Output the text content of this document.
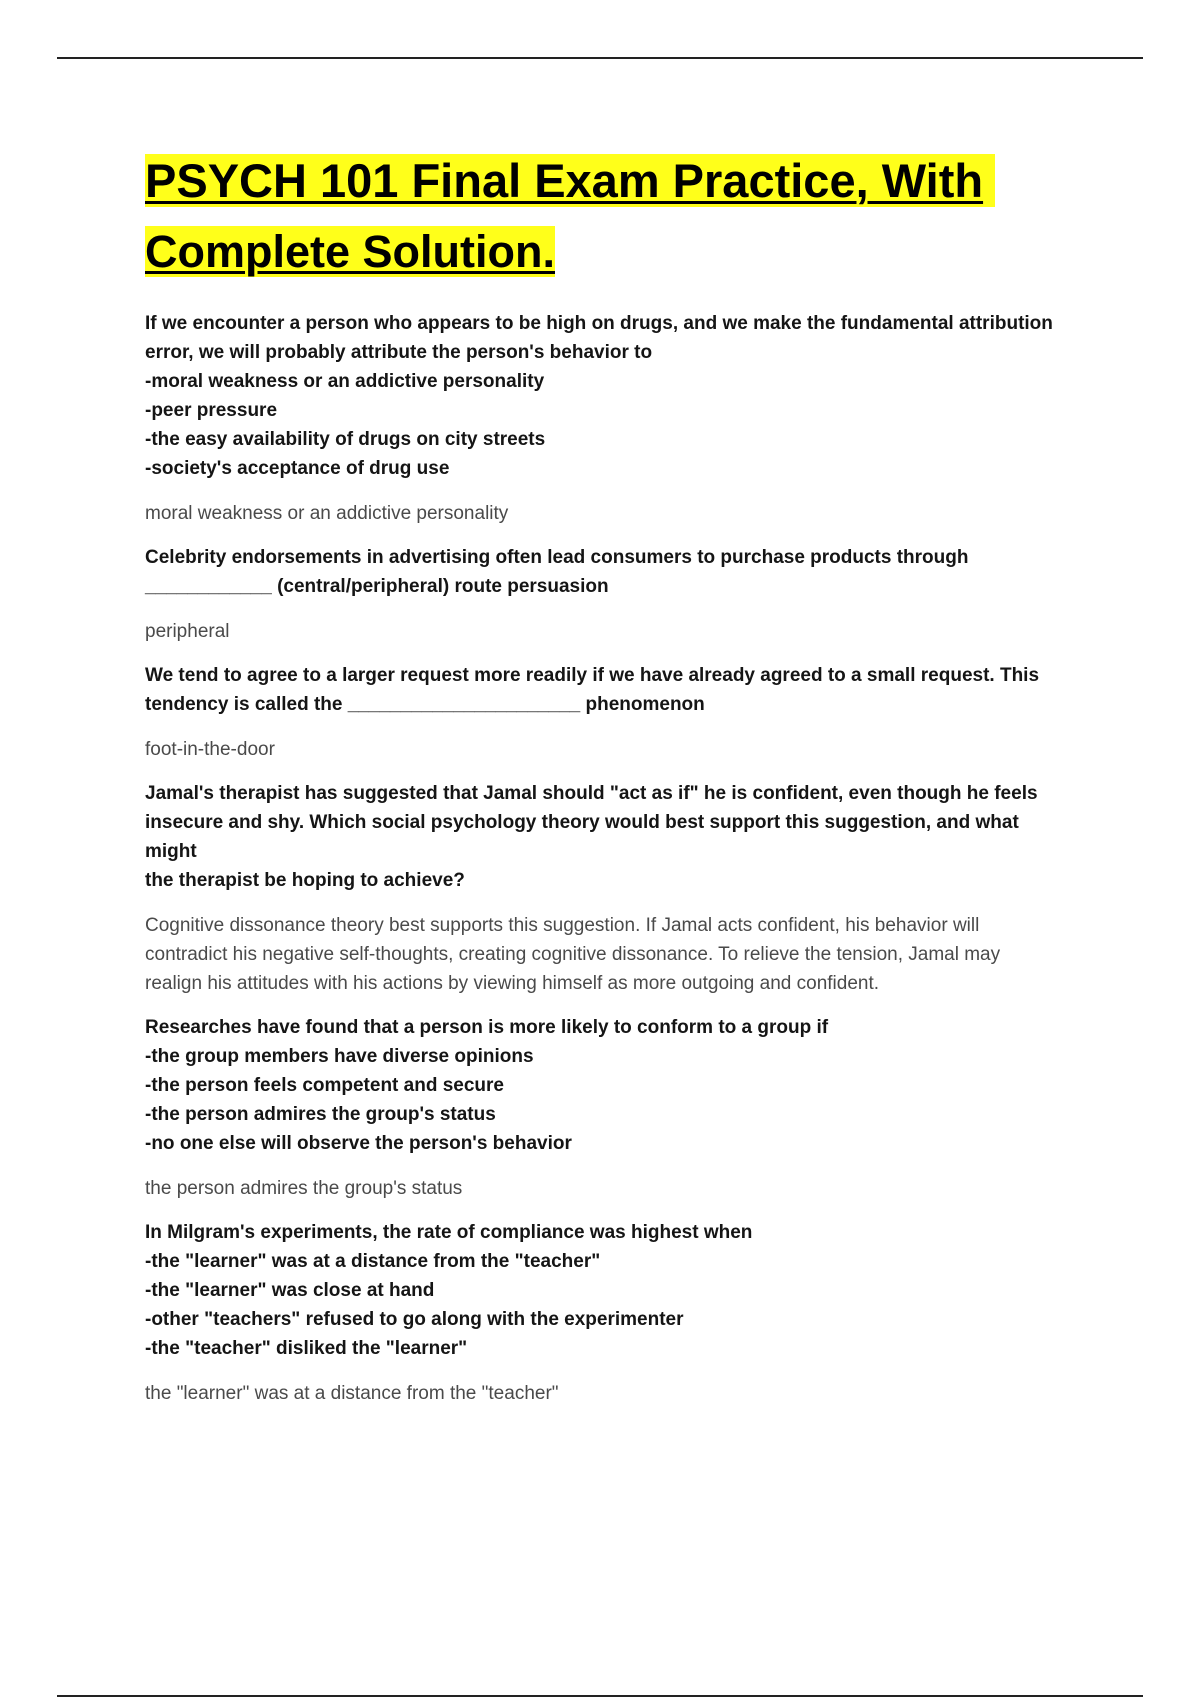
PSYCH 101 Final Exam Practice, With
Complete Solution.
If we encounter a person who appears to be high on drugs, and we make the fundamental attribution
error, we will probably attribute the person's behavior to
-moral weakness or an addictive personality
-peer pressure
-the easy availability of drugs on city streets
-society's acceptance of drug use
moral weakness or an addictive personality
Celebrity endorsements in advertising often lead consumers to purchase products through
____________ (central/peripheral) route persuasion
peripheral
We tend to agree to a larger request more readily if we have already agreed to a small request. This
tendency is called the ______________________ phenomenon
foot-in-the-door
Jamal's therapist has suggested that Jamal should "act as if" he is confident, even though he feels
insecure and shy. Which social psychology theory would best support this suggestion, and what might
the therapist be hoping to achieve?
Cognitive dissonance theory best supports this suggestion. If Jamal acts confident, his behavior will
contradict his negative self-thoughts, creating cognitive dissonance. To relieve the tension, Jamal may
realign his attitudes with his actions by viewing himself as more outgoing and confident.
Researches have found that a person is more likely to conform to a group if
-the group members have diverse opinions
-the person feels competent and secure
-the person admires the group's status
-no one else will observe the person's behavior
the person admires the group's status
In Milgram's experiments, the rate of compliance was highest when
-the "learner" was at a distance from the "teacher"
-the "learner" was close at hand
-other "teachers" refused to go along with the experimenter
-the "teacher" disliked the "learner"
the "learner" was at a distance from the "teacher"
